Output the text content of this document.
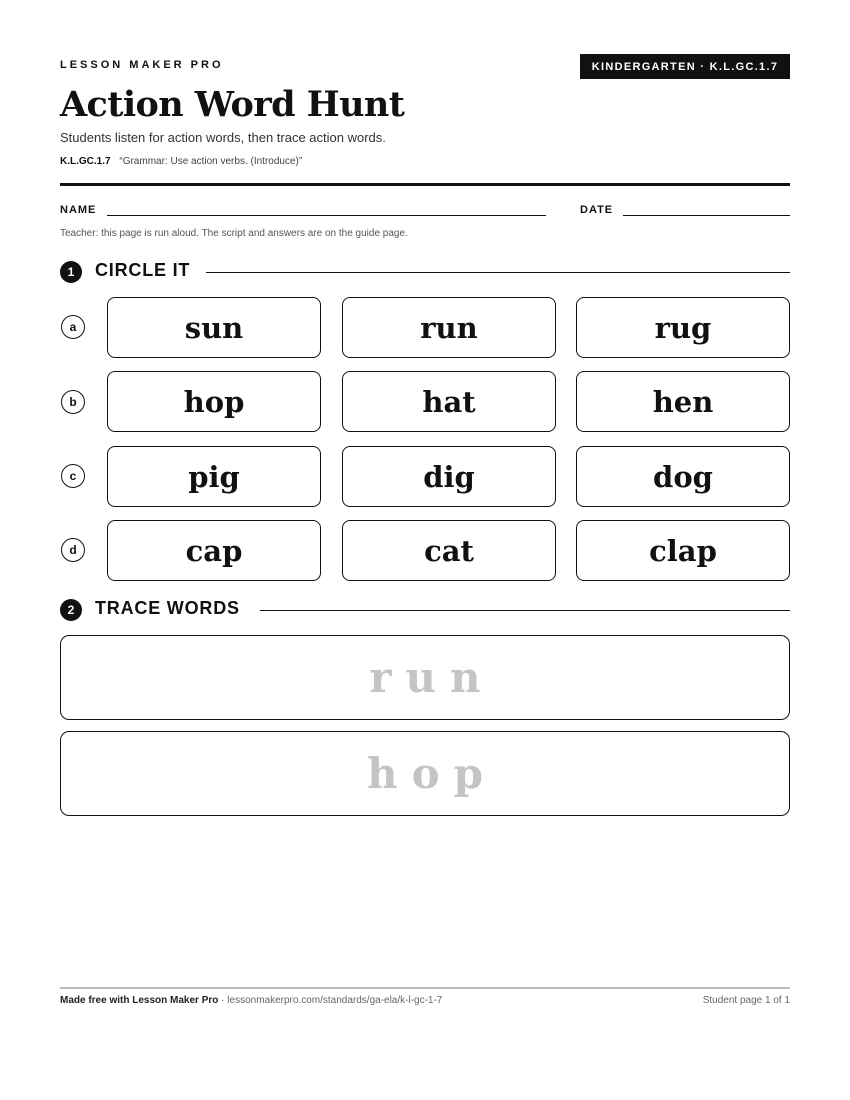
LESSON MAKER PRO	KINDERGARTEN · K.L.GC.1.7
Action Word Hunt
Students listen for action words, then trace action words.
K.L.GC.1.7 “Grammar: Use action verbs. (Introduce)”
NAME	DATE
Teacher: this page is run aloud. The script and answers are on the guide page.
1	CIRCLE IT
a	sun	run	rug
b	hop	hat	hen
c	pig	dig	dog
d	cap	cat	clap
2	TRACE WORDS
run
hop
Made free with Lesson Maker Pro · lessonmakerpro.com/standards/ga-ela/k-l-gc-1-7	Student page 1 of 1
